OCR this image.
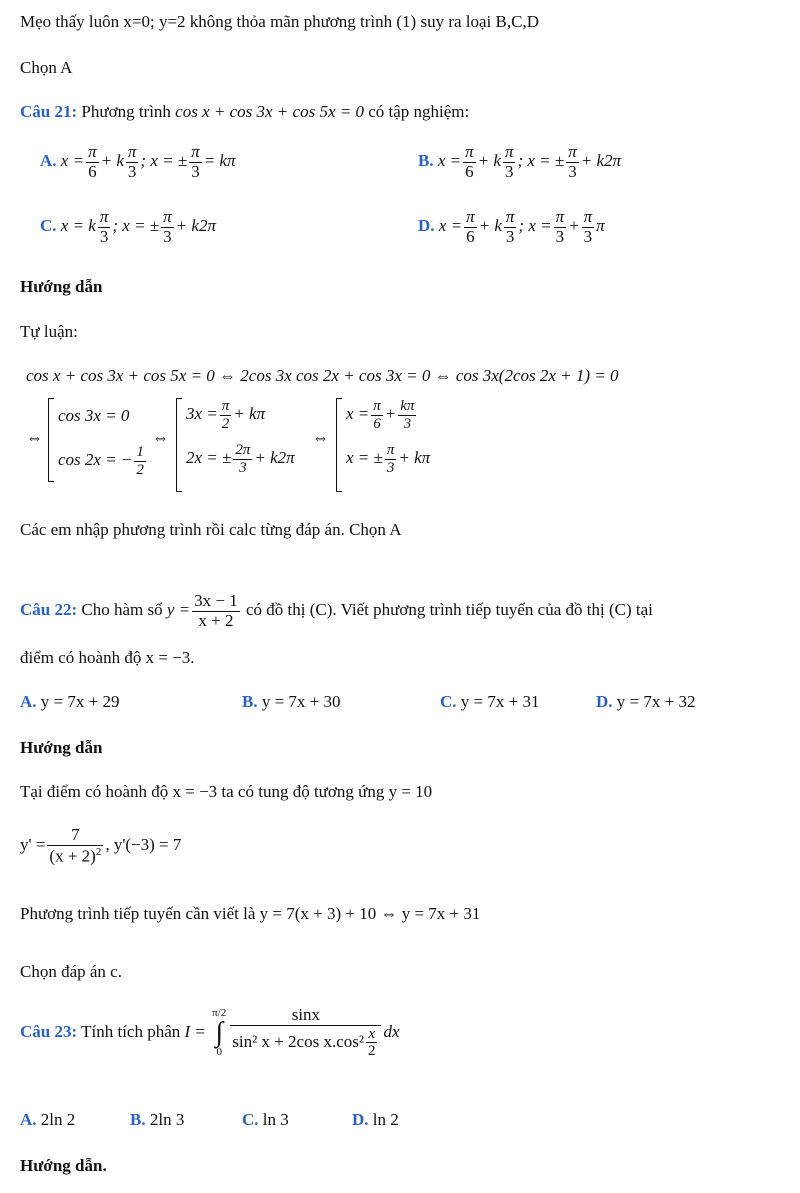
Mẹo thấy luôn x=0; y=2 không thỏa mãn phương trình (1) suy ra loại B,C,D
Chọn A
Câu 21: Phương trình cos x + cos 3x + cos 5x = 0 có tập nghiệm:
A. $x = \frac{\pi}{6} + k \frac{\pi}{3}$ ; x = ± $\frac{\pi}{3} = k\pi$	B. $x = \frac{\pi}{6} + k \frac{\pi}{3}$ ; x = ± $\frac{\pi}{3} + k2\pi$
C. x = k $\frac{\pi}{3}$ ; x = ± $\frac{\pi}{3} + k2\pi$	D. $x = \frac{\pi}{6} + k \frac{\pi}{3}$ ; $x = \frac{\pi}{3} + \frac{\pi}{3}$ π
Hướng dẫn
Tự luận:
cos x + cos 3x + cos 5x = 0 ⇔ 2cos 3x cos 2x + cos 3x = 0 ⇔ cos 3x(2cos 2x + 1) = 0
⇔
cos 3x = 0
cos 2x = − $\frac{1}{2}$
⇔
$3x = \frac{\pi}{2} + k\pi$
2x = ± $\frac{2\pi}{3} + k2\pi$
⇔
$x = \frac{\pi}{6} + \frac{k\pi}{3}$
x = ± $\frac{\pi}{3} + k\pi$
Các em nhập phương trình rồi calc từng đáp án. Chọn A
Câu 22: Cho hàm số $y = \frac{3x - 1}{x + 2}$ có đồ thị (C). Viết phương trình tiếp tuyến của đồ thị (C) tại
điểm có hoành độ x = −3.
A. y = 7x + 29	B. y = 7x + 30	C. y = 7x + 31	D. y = 7x + 32
Hướng dẫn
Tại điểm có hoành độ x = −3 ta có tung độ tương ứng y = 10
$y' = \frac{7}{(x + 2)^2}$ , y'(−3) = 7
Phương trình tiếp tuyến cần viết là y = 7(x + 3) + 10 ⇔ y = 7x + 31
Chọn đáp án c.
Câu 23: Tính tích phân I =
π/2
∫
$0 \frac{\sin x}{\sin^2 x + 2\cos x.\cos^2 \frac{x}{2}}$ dx
A. 2ln 2	B. 2ln 3	C. ln 3	D. ln 2
Hướng dẫn.
